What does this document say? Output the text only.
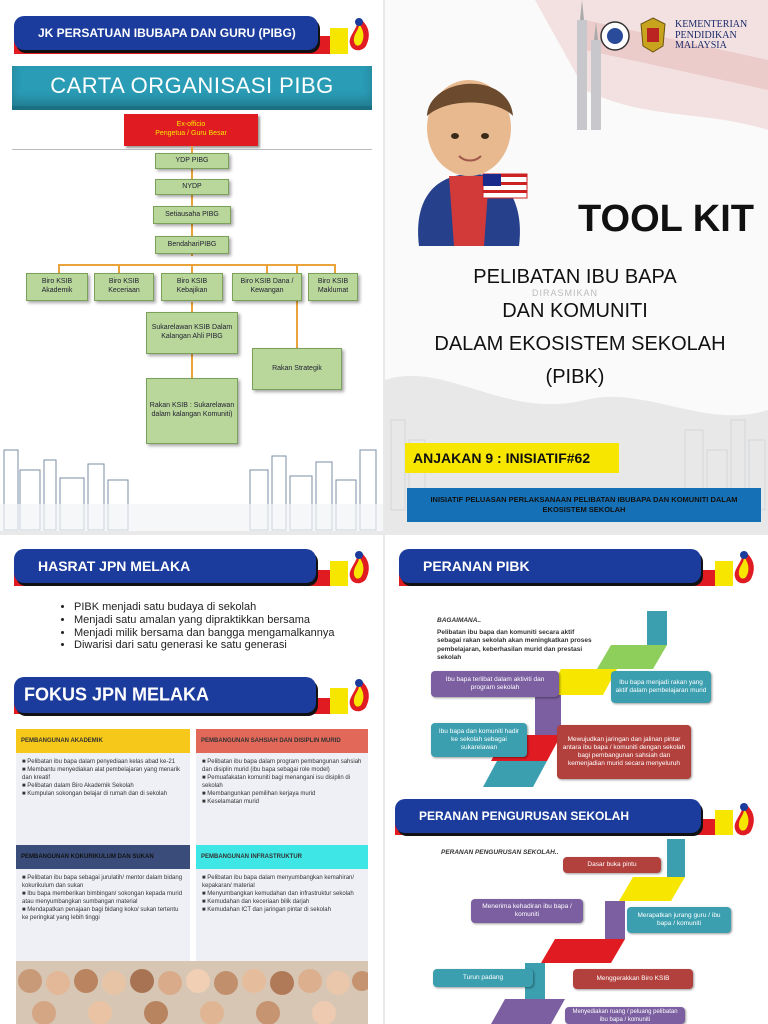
JK PERSATUAN IBUBAPA DAN GURU (PIBG)
CARTA ORGANISASI PIBG
Ex-officio
Pengetua / Guru Besar
YDP PIBG
NYDP
Setiausaha PIBG
BendahariPIBG
Biro KSIB Akademik
Biro KSIB Keceriaan
Biro KSIB Kebajikan
Biro KSIB Dana / Kewangan
Biro KSIB Maklumat
Sukarelawan KSIB Dalam Kalangan Ahli PIBG
Rakan Strategik
Rakan KSIB : Sukarelawan dalam kalangan Komuniti)
KEMENTERIAN PENDIDIKAN MALAYSIA
TOOL KIT
DIRASMIKAN
PELIBATAN IBU BAPA
DAN KOMUNITI
DALAM EKOSISTEM SEKOLAH
(PIBK)
ANJAKAN 9 : INISIATIF#62
INISIATIF PELUASAN PERLAKSANAAN PELIBATAN IBUBAPA DAN KOMUNITI DALAM EKOSISTEM SEKOLAH
HASRAT JPN MELAKA
• PIBK menjadi satu budaya di sekolah
• Menjadi satu amalan yang dipraktikkan bersama
• Menjadi milik bersama dan bangga mengamalkannya
• Diwarisi dari satu generasi ke satu generasi
FOKUS JPN MELAKA
PEMBANGUNAN AKADEMIK
■ Pelibatan ibu bapa dalam penyediaan kelas abad ke-21
■ Membantu menyediakan alat pembelajaran yang menarik dan kreatif
■ Pelibatan dalam Biro Akademik Sekolah
■ Kumpulan sokongan belajar di rumah dan di sekolah
PEMBANGUNAN SAHSIAH DAN DISIPLIN MURID
■ Pelibatan ibu bapa dalam program pembangunan sahsiah dan disiplin murid (ibu bapa sebagai role model)
■ Pemuafakatan komuniti bagi menangani isu disiplin di sekolah
■ Membangunkan pemilihan kerjaya murid
■ Keselamatan murid
PEMBANGUNAN KOKURIKULUM DAN SUKAN
■ Pelibatan ibu bapa sebagai jurulatih/ mentor dalam bidang kokurikulum dan sukan
■ Ibu bapa memberikan bimbingan/ sokongan kepada murid atau menyumbangkan sumbangan material
■ Mendapatkan penajaan bagi bidang koko/ sukan tertentu ke peringkat yang lebih tinggi
PEMBANGUNAN INFRASTRUKTUR
■ Pelibatan ibu bapa dalam menyumbangkan kemahiran/ kepakaran/ material
■ Menyumbangkan kemudahan dan infrastruktur sekolah
■ Kemudahan dan keceriaan bilik darjah
■ Kemudahan ICT dan jaringan pintar di sekolah
PERANAN PIBK
BAGAIMANA..
Pelibatan ibu bapa dan komuniti secara aktif sebagai rakan sekolah akan meningkatkan proses pembelajaran, keberhasilan murid dan prestasi sekolah
Ibu bapa terlibat dalam aktiviti dan program sekolah
Ibu bapa menjadi rakan yang aktif dalam pembelajaran murid
Ibu bapa dan komuniti hadir ke sekolah sebagai sukarelawan
Mewujudkan jaringan dan jalinan pintar antara ibu bapa / komuniti dengan sekolah bagi pembangunan sahsiah dan kemenjadian murid secara menyeluruh
PERANAN PENGURUSAN SEKOLAH
PERANAN PENGURUSAN SEKOLAH..
Dasar buka pintu
Menerima kehadiran ibu bapa / komuniti	Merapatkan jurang guru / ibu bapa / komuniti
Turun padang	Menggerakkan Biro KSIB
Menyediakan ruang / peluang pelibatan ibu bapa / komuniti
